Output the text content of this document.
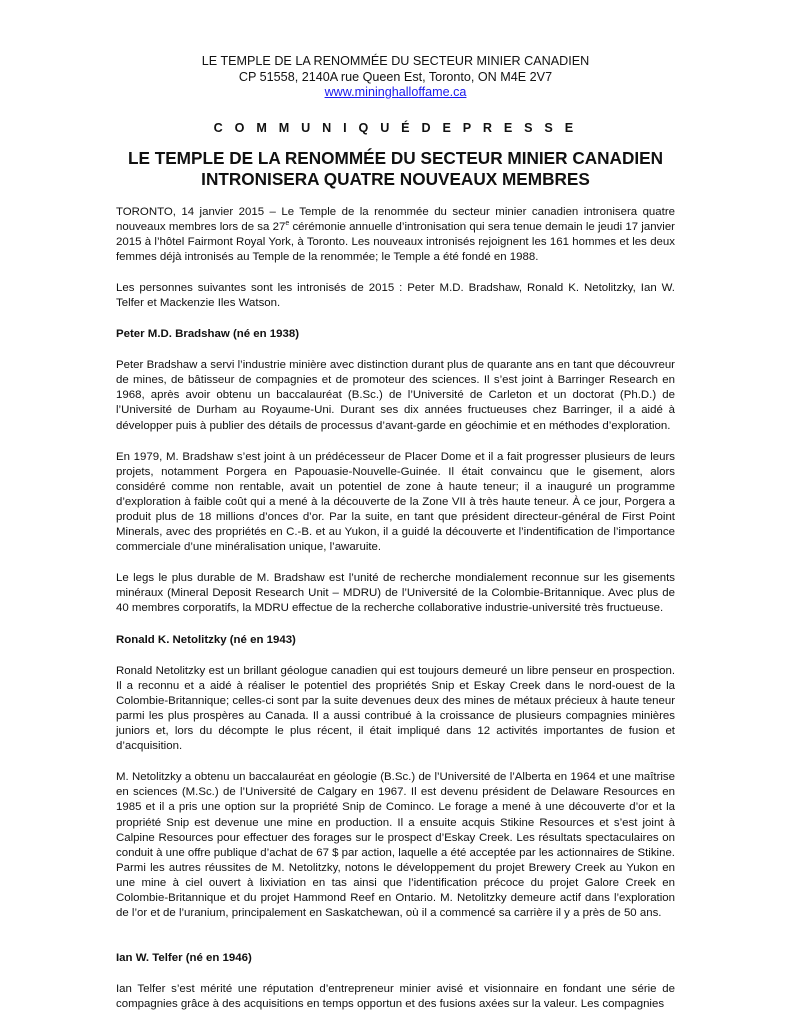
LE TEMPLE DE LA RENOMMÉE DU SECTEUR MINIER CANADIEN
CP 51558, 2140A rue Queen Est, Toronto, ON M4E 2V7
www.mininghalloffame.ca
C O M M U N I Q U É D E P R E S S E
LE TEMPLE DE LA RENOMMÉE DU SECTEUR MINIER CANADIEN
INTRONISERA QUATRE NOUVEAUX MEMBRES

TORONTO, 14 janvier 2015 – Le Temple de la renommée du secteur minier canadien intronisera quatre nouveaux membres lors de sa 27e cérémonie annuelle d’intronisation qui sera tenue demain le jeudi 17 janvier 2015 à l’hôtel Fairmont Royal York, à Toronto. Les nouveaux intronisés rejoignent les 161 hommes et les deux femmes déjà intronisés au Temple de la renommée; le Temple a été fondé en 1988.

Les personnes suivantes sont les intronisés de 2015 : Peter M.D. Bradshaw, Ronald K. Netolitzky, Ian W. Telfer et Mackenzie Iles Watson.

Peter M.D. Bradshaw (né en 1938)

Peter Bradshaw a servi l’industrie minière avec distinction durant plus de quarante ans en tant que découvreur de mines, de bâtisseur de compagnies et de promoteur des sciences. Il s’est joint à Barringer Research en 1968, après avoir obtenu un baccalauréat (B.Sc.) de l’Université de Carleton et un doctorat (Ph.D.) de l’Université de Durham au Royaume-Uni. Durant ses dix années fructueuses chez Barringer, il a aidé à développer puis à publier des détails de processus d’avant-garde en géochimie et en méthodes d’exploration.

En 1979, M. Bradshaw s’est joint à un prédécesseur de Placer Dome et il a fait progresser plusieurs de leurs projets, notamment Porgera en Papouasie-Nouvelle-Guinée. Il était convaincu que le gisement, alors considéré comme non rentable, avait un potentiel de zone à haute teneur; il a inauguré un programme d’exploration à faible coût qui a mené à la découverte de la Zone VII à très haute teneur. À ce jour, Porgera a produit plus de 18 millions d’onces d’or. Par la suite, en tant que président directeur-général de First Point Minerals, avec des propriétés en C.-B. et au Yukon, il a guidé la découverte et l’indentification de l’importance commerciale d’une minéralisation unique, l’awaruite.

Le legs le plus durable de M. Bradshaw est l’unité de recherche mondialement reconnue sur les gisements minéraux (Mineral Deposit Research Unit – MDRU) de l’Université de la Colombie-Britannique. Avec plus de 40 membres corporatifs, la MDRU effectue de la recherche collaborative industrie-université très fructueuse.

Ronald K. Netolitzky (né en 1943)

Ronald Netolitzky est un brillant géologue canadien qui est toujours demeuré un libre penseur en prospection. Il a reconnu et a aidé à réaliser le potentiel des propriétés Snip et Eskay Creek dans le nord-ouest de la Colombie-Britannique; celles-ci sont par la suite devenues deux des mines de métaux précieux à haute teneur parmi les plus prospères au Canada. Il a aussi contribué à la croissance de plusieurs compagnies minières juniors et, lors du décompte le plus récent, il était impliqué dans 12 activités importantes de fusion et d’acquisition.

M. Netolitzky a obtenu un baccalauréat en géologie (B.Sc.) de l’Université de l’Alberta en 1964 et une maîtrise en sciences (M.Sc.) de l’Université de Calgary en 1967. Il est devenu président de Delaware Resources en 1985 et il a pris une option sur la propriété Snip de Cominco. Le forage a mené à une découverte d’or et la propriété Snip est devenue une mine en production. Il a ensuite acquis Stikine Resources et s’est joint à Calpine Resources pour effectuer des forages sur le prospect d’Eskay Creek. Les résultats spectaculaires on conduit à une offre publique d’achat de 67 $ par action, laquelle a été acceptée par les actionnaires de Stikine. Parmi les autres réussites de M. Netolitzky, notons le développement du projet Brewery Creek au Yukon en une mine à ciel ouvert à lixiviation en tas ainsi que l’identification précoce du projet Galore Creek en Colombie-Britannique et du projet Hammond Reef en Ontario. M. Netolitzky demeure actif dans l’exploration de l’or et de l’uranium, principalement en Saskatchewan, où il a commencé sa carrière il y a près de 50 ans.

Ian W. Telfer (né en 1946)

Ian Telfer s’est mérité une réputation d’entrepreneur minier avisé et visionnaire en fondant une série de compagnies grâce à des acquisitions en temps opportun et des fusions axées sur la valeur. Les compagnies
